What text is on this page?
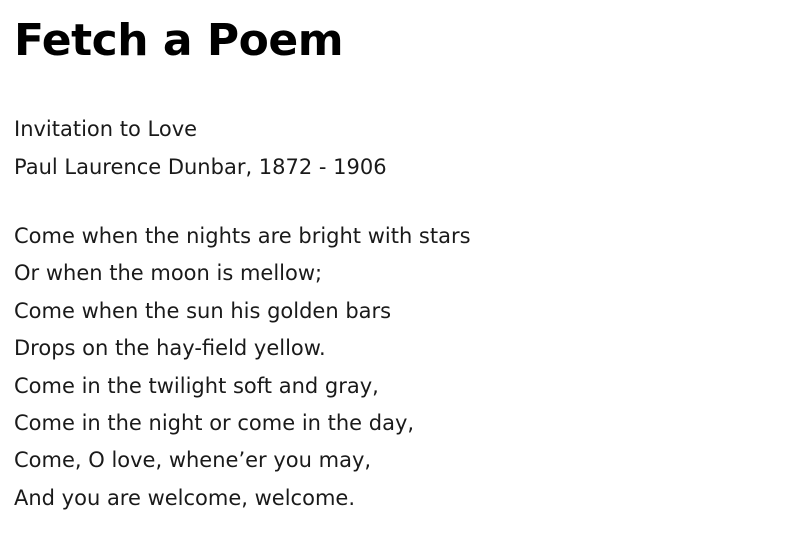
Fetch a Poem
Invitation to Love
Paul Laurence Dunbar, 1872 - 1906
Come when the nights are bright with stars
Or when the moon is mellow;
Come when the sun his golden bars
Drops on the hay-field yellow.
Come in the twilight soft and gray,
Come in the night or come in the day,
Come, O love, whene’er you may,
And you are welcome, welcome.
